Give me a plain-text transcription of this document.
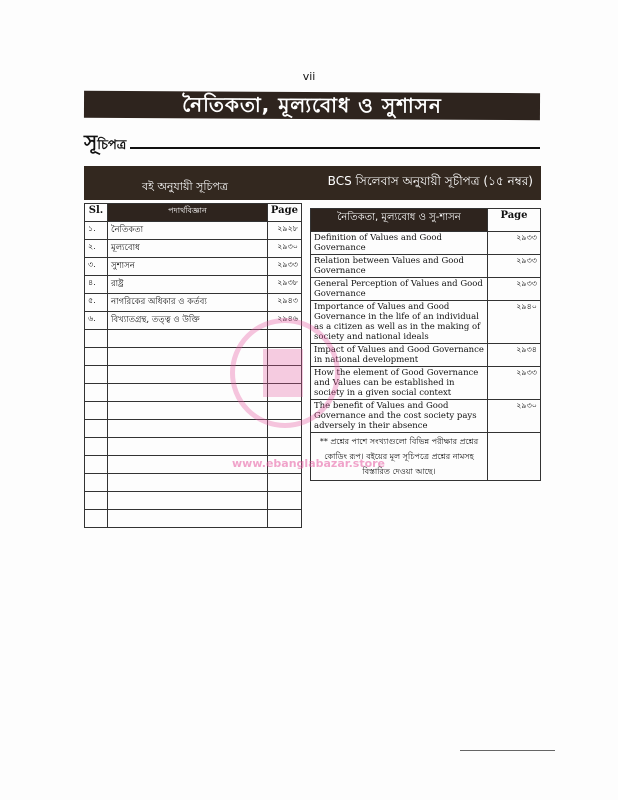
vii
নৈতিকতা, মূল্যবোধ ও সুশাসন
সূচিপত্র
বই অনুযায়ী সূচিপত্র	BCS সিলেবাস অনুযায়ী সূচীপত্র (১৫ নম্বর)
Sl.	পদার্থবিজ্ঞান	Page
১.	নৈতিকতা	২৯২৮
২.	মূল্যবোধ	২৯৩০
৩.	সুশাসন	২৯৩৩
৪.	রাষ্ট্র	২৯৩৮
৫.	নাগরিকের অধিকার ও কর্তব্য	২৯৪৩
৬.	বিখ্যাতগ্রন্থ, তত্ত্ব ও উক্তি	২৯৪৬

নৈতিকতা, মূল্যবোধ ও সু-শাসন	Page
Definition of Values and Good Governance	২৯৩৩
Relation between Values and Good Governance	২৯৩৩
General Perception of Values and Good Governance	২৯৩৩
Importance of Values and Good Governance in the life of an individual as a citizen as well as in the making of society and national ideals	২৯৪০
Impact of Values and Good Governance in national development	২৯৩৪
How the element of Good Governance and Values can be established in society in a given social context	২৯৩৩
The benefit of Values and Good Governance and the cost society pays adversely in their absence	২৯৩০
** প্রশ্নের পাশে সংখ্যাগুলো বিভিন্ন পরীক্ষার প্রশ্নের কোডিং রূপ। বইয়ের মূল সূচিপত্রে প্রশ্নের নামসহ বিস্তারিত দেওয়া আছে।	
www.ebanglabazar.store
